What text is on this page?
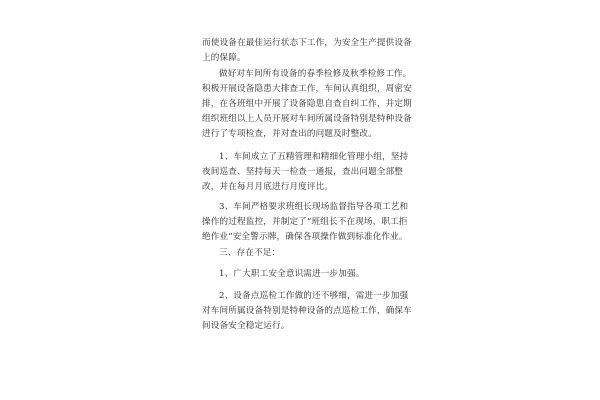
而使设备在最佳运行状态下工作，为安全生产提供设备上的保障。

做好对车间所有设备的春季检修及秋季检修工作。积极开展设备隐患大排查工作，车间认真组织，周密安排，在各班组中开展了设备隐患自查自纠工作，并定期组织班组以上人员开展对车间所属设备特别是特种设备进行了专项检查，并对查出的问题及时整改。

1、车间成立了五精管理和精细化管理小组，坚持夜间巡查、坚持每天一检查一通报，查出问题全部整改，并在每月月底进行月度评比。

3、车间严格要求班组长现场监督指导各项工艺和操作的过程监控，并制定了“班组长不在现场，职工拒绝作业”安全警示牌，确保各项操作做到标准化作业。

三、存在不足：

1、广大职工安全意识需进一步加强。

2、设备点巡检工作做的还不够细，需进一步加强对车间所属设备特别是特种设备的点巡检工作，确保车间设备安全稳定运行。
